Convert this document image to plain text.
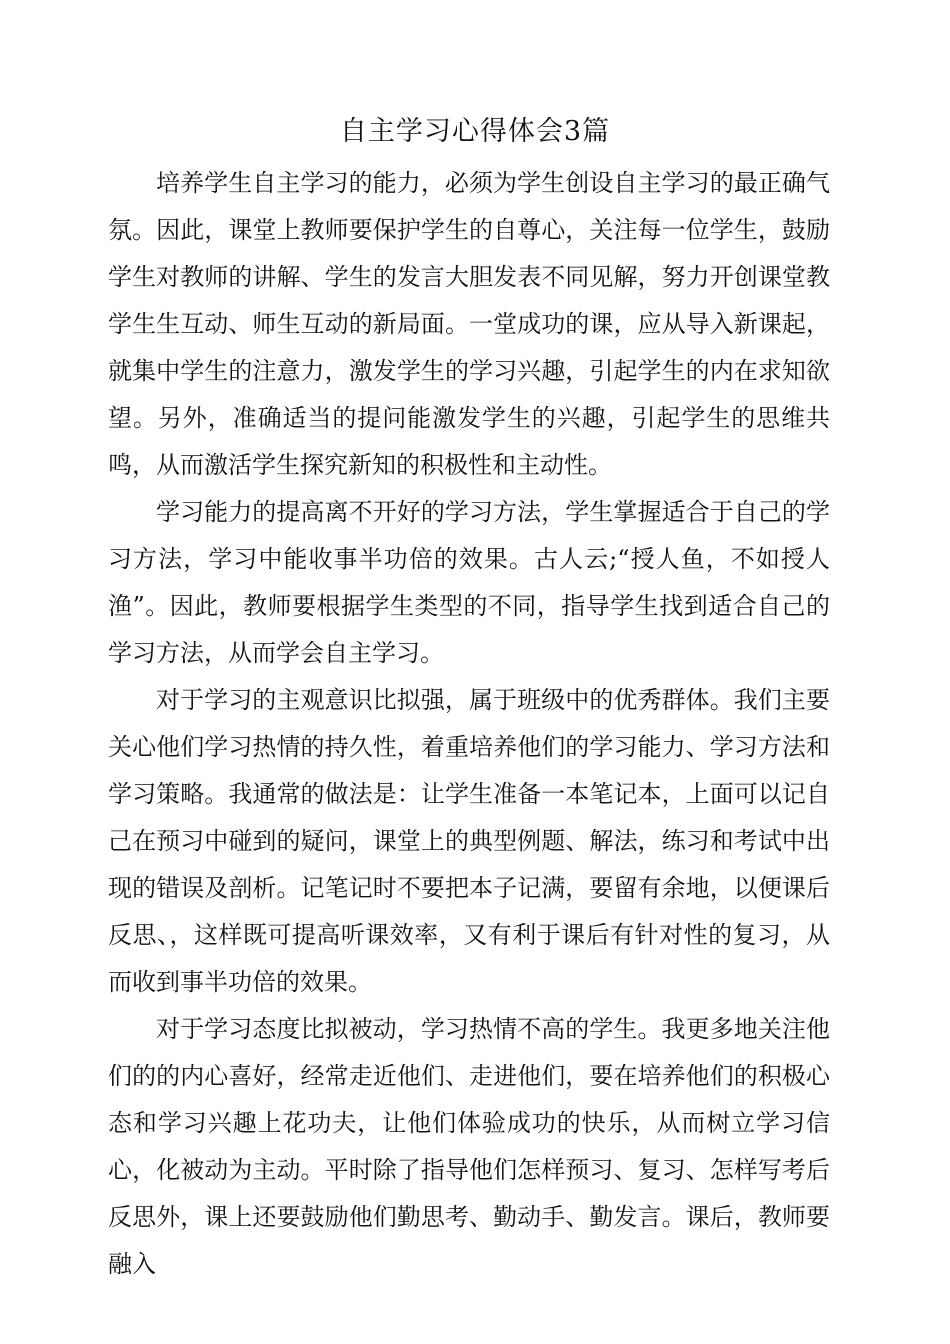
自主学习心得体会3篇

培养学生自主学习的能力，必须为学生创设自主学习的最正确气氛。因此，课堂上教师要保护学生的自尊心，关注每一位学生，鼓励学生对教师的讲解、学生的发言大胆发表不同见解，努力开创课堂教学生生互动、师生互动的新局面。一堂成功的课，应从导入新课起，就集中学生的注意力，激发学生的学习兴趣，引起学生的内在求知欲望。另外，准确适当的提问能激发学生的兴趣，引起学生的思维共鸣，从而激活学生探究新知的积极性和主动性。

学习能力的提高离不开好的学习方法，学生掌握适合于自己的学习方法，学习中能收事半功倍的效果。古人云;“授人鱼，不如授人渔”。因此，教师要根据学生类型的不同，指导学生找到适合自己的学习方法，从而学会自主学习。

对于学习的主观意识比拟强，属于班级中的优秀群体。我们主要关心他们学习热情的持久性，着重培养他们的学习能力、学习方法和学习策略。我通常的做法是：让学生准备一本笔记本，上面可以记自己在预习中碰到的疑问，课堂上的典型例题、解法，练习和考试中出现的错误及剖析。记笔记时不要把本子记满，要留有余地，以便课后反思、，这样既可提高听课效率，又有利于课后有针对性的复习，从而收到事半功倍的效果。

对于学习态度比拟被动，学习热情不高的学生。我更多地关注他们的的内心喜好，经常走近他们、走进他们，要在培养他们的积极心态和学习兴趣上花功夫，让他们体验成功的快乐，从而树立学习信心，化被动为主动。平时除了指导他们怎样预习、复习、怎样写考后反思外，课上还要鼓励他们勤思考、勤动手、勤发言。课后，教师要融入
